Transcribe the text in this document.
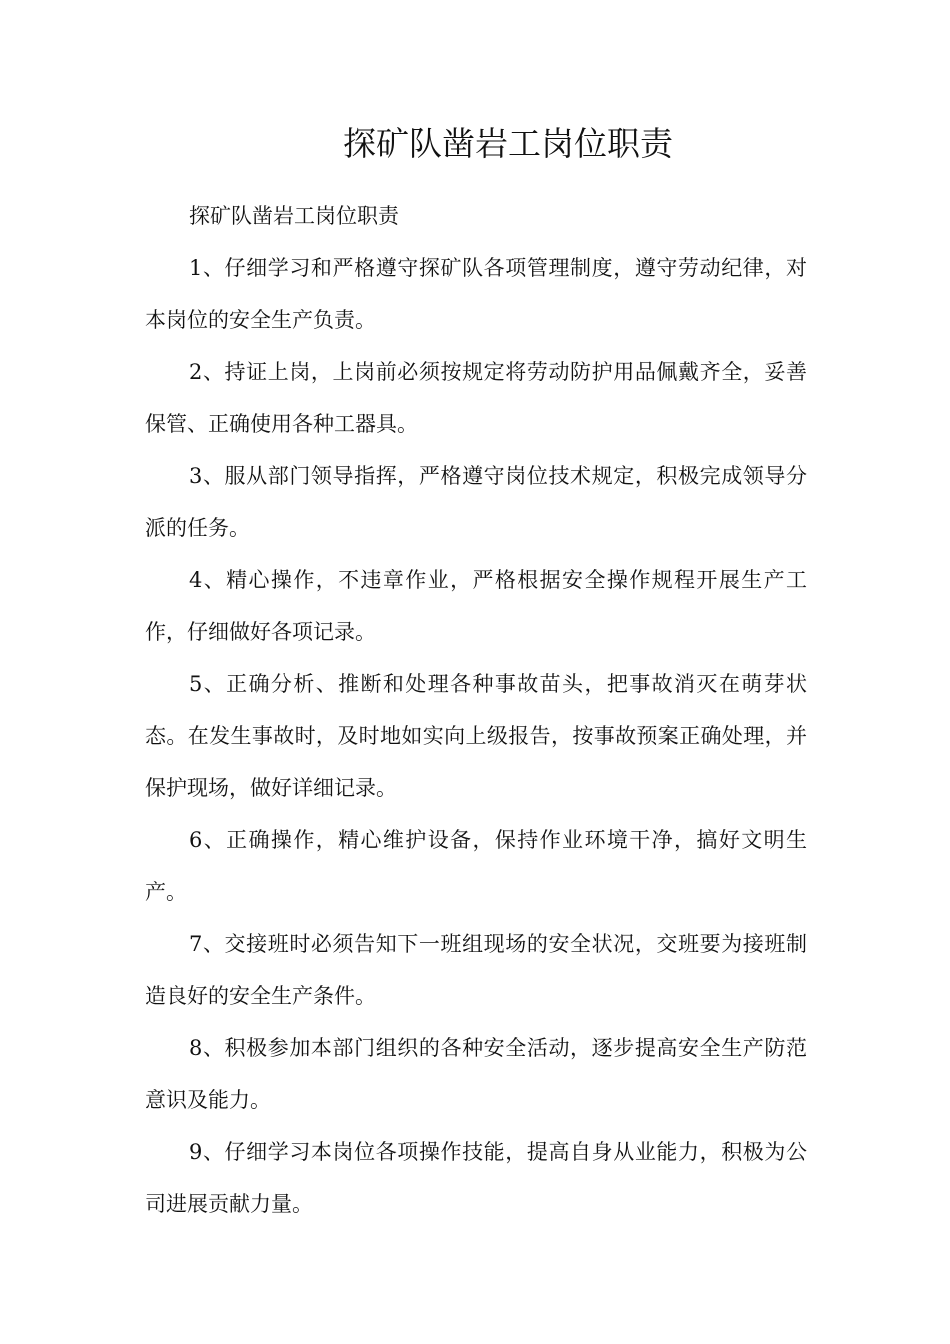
探矿队凿岩工岗位职责

探矿队凿岩工岗位职责

1、仔细学习和严格遵守探矿队各项管理制度，遵守劳动纪律，对本岗位的安全生产负责。

2、持证上岗，上岗前必须按规定将劳动防护用品佩戴齐全，妥善保管、正确使用各种工器具。

3、服从部门领导指挥，严格遵守岗位技术规定，积极完成领导分派的任务。

4、精心操作，不违章作业，严格根据安全操作规程开展生产工作，仔细做好各项记录。

5、正确分析、推断和处理各种事故苗头，把事故消灭在萌芽状态。在发生事故时，及时地如实向上级报告，按事故预案正确处理，并保护现场，做好详细记录。

6、正确操作，精心维护设备，保持作业环境干净，搞好文明生产。

7、交接班时必须告知下一班组现场的安全状况，交班要为接班制造良好的安全生产条件。

8、积极参加本部门组织的各种安全活动，逐步提高安全生产防范意识及能力。

9、仔细学习本岗位各项操作技能，提高自身从业能力，积极为公司进展贡献力量。
